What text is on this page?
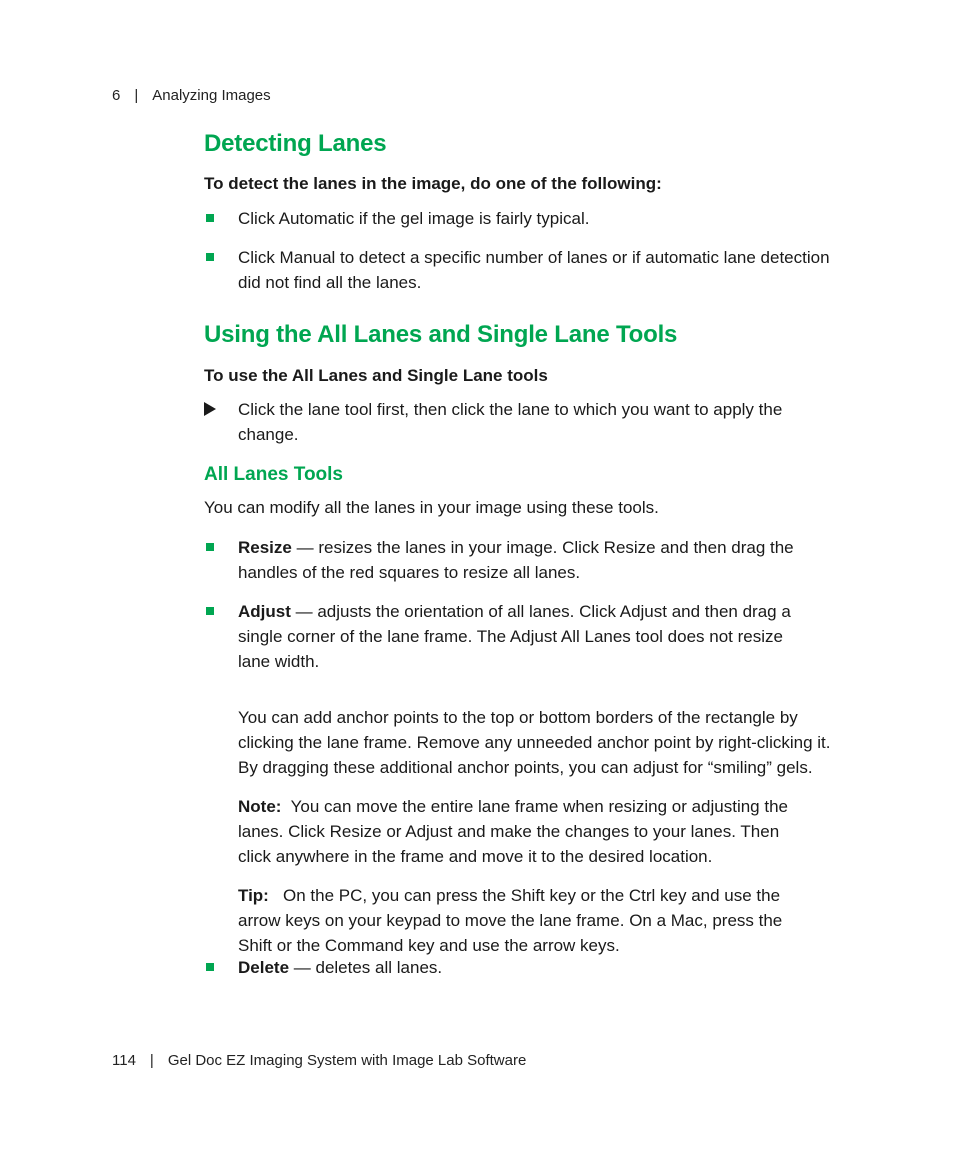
6 | Analyzing Images
Detecting Lanes

To detect the lanes in the image, do one of the following:

Click Automatic if the gel image is fairly typical.
Click Manual to detect a specific number of lanes or if automatic lane detection did not find all the lanes.
Using the All Lanes and Single Lane Tools

To use the All Lanes and Single Lane tools

Click the lane tool first, then click the lane to which you want to apply the change.
All Lanes Tools

You can modify all the lanes in your image using these tools.

Resize — resizes the lanes in your image. Click Resize and then drag the handles of the red squares to resize all lanes.
Adjust — adjusts the orientation of all lanes. Click Adjust and then drag a single corner of the lane frame. The Adjust All Lanes tool does not resize lane width.

You can add anchor points to the top or bottom borders of the rectangle by clicking the lane frame. Remove any unneeded anchor point by right-clicking it. By dragging these additional anchor points, you can adjust for “smiling” gels.

Note: You can move the entire lane frame when resizing or adjusting the lanes. Click Resize or Adjust and make the changes to your lanes. Then click anywhere in the frame and move it to the desired location.

Tip: On the PC, you can press the Shift key or the Ctrl key and use the arrow keys on your keypad to move the lane frame. On a Mac, press the Shift or the Command key and use the arrow keys.

Delete — deletes all lanes.
114 | Gel Doc EZ Imaging System with Image Lab Software
